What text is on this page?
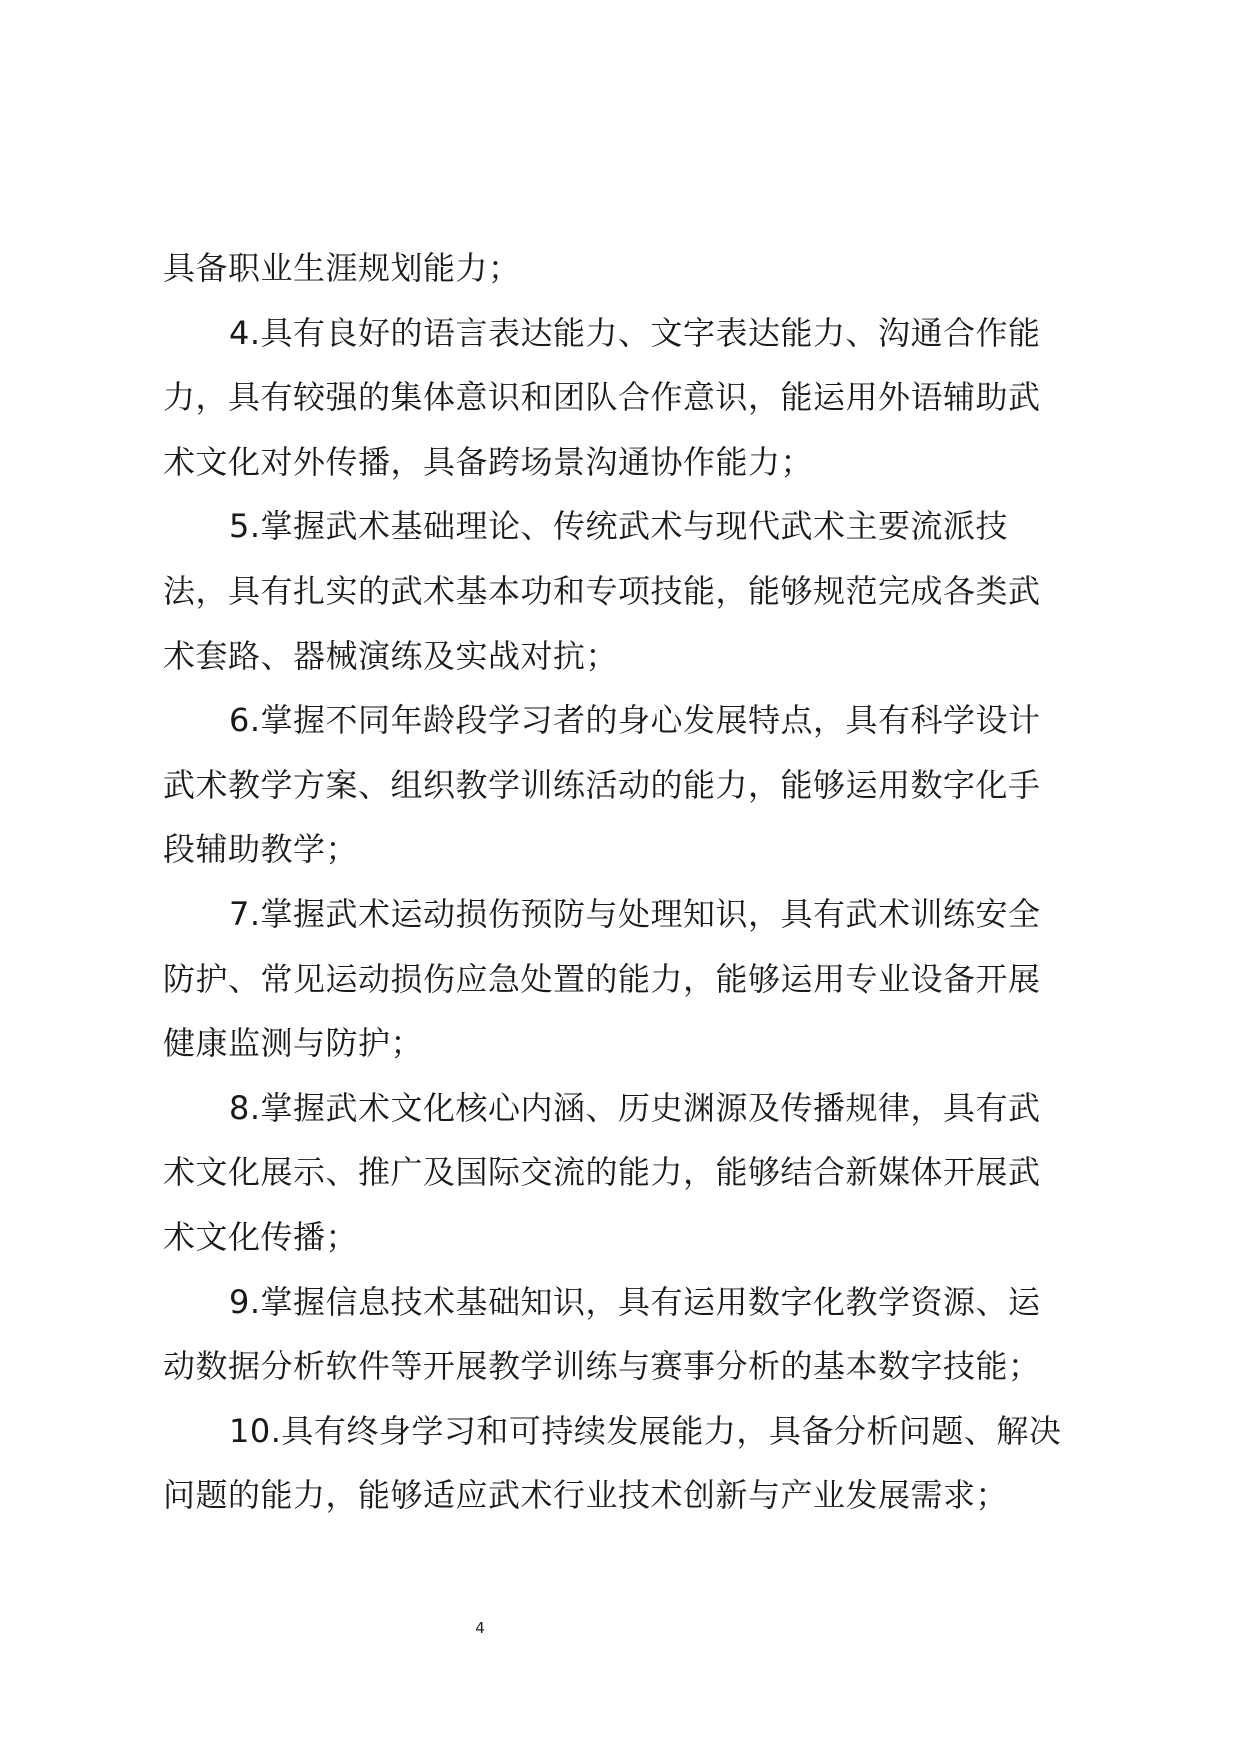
具备职业生涯规划能力；
4.具有良好的语言表达能力、文字表达能力、沟通合作能
力，具有较强的集体意识和团队合作意识，能运用外语辅助武
术文化对外传播，具备跨场景沟通协作能力；
5.掌握武术基础理论、传统武术与现代武术主要流派技
法，具有扎实的武术基本功和专项技能，能够规范完成各类武
术套路、器械演练及实战对抗；
6.掌握不同年龄段学习者的身心发展特点，具有科学设计
武术教学方案、组织教学训练活动的能力，能够运用数字化手
段辅助教学；
7.掌握武术运动损伤预防与处理知识，具有武术训练安全
防护、常见运动损伤应急处置的能力，能够运用专业设备开展
健康监测与防护；
8.掌握武术文化核心内涵、历史渊源及传播规律，具有武
术文化展示、推广及国际交流的能力，能够结合新媒体开展武
术文化传播；
9.掌握信息技术基础知识，具有运用数字化教学资源、运
动数据分析软件等开展教学训练与赛事分析的基本数字技能；
10.具有终身学习和可持续发展能力，具备分析问题、解决
问题的能力，能够适应武术行业技术创新与产业发展需求；
4
